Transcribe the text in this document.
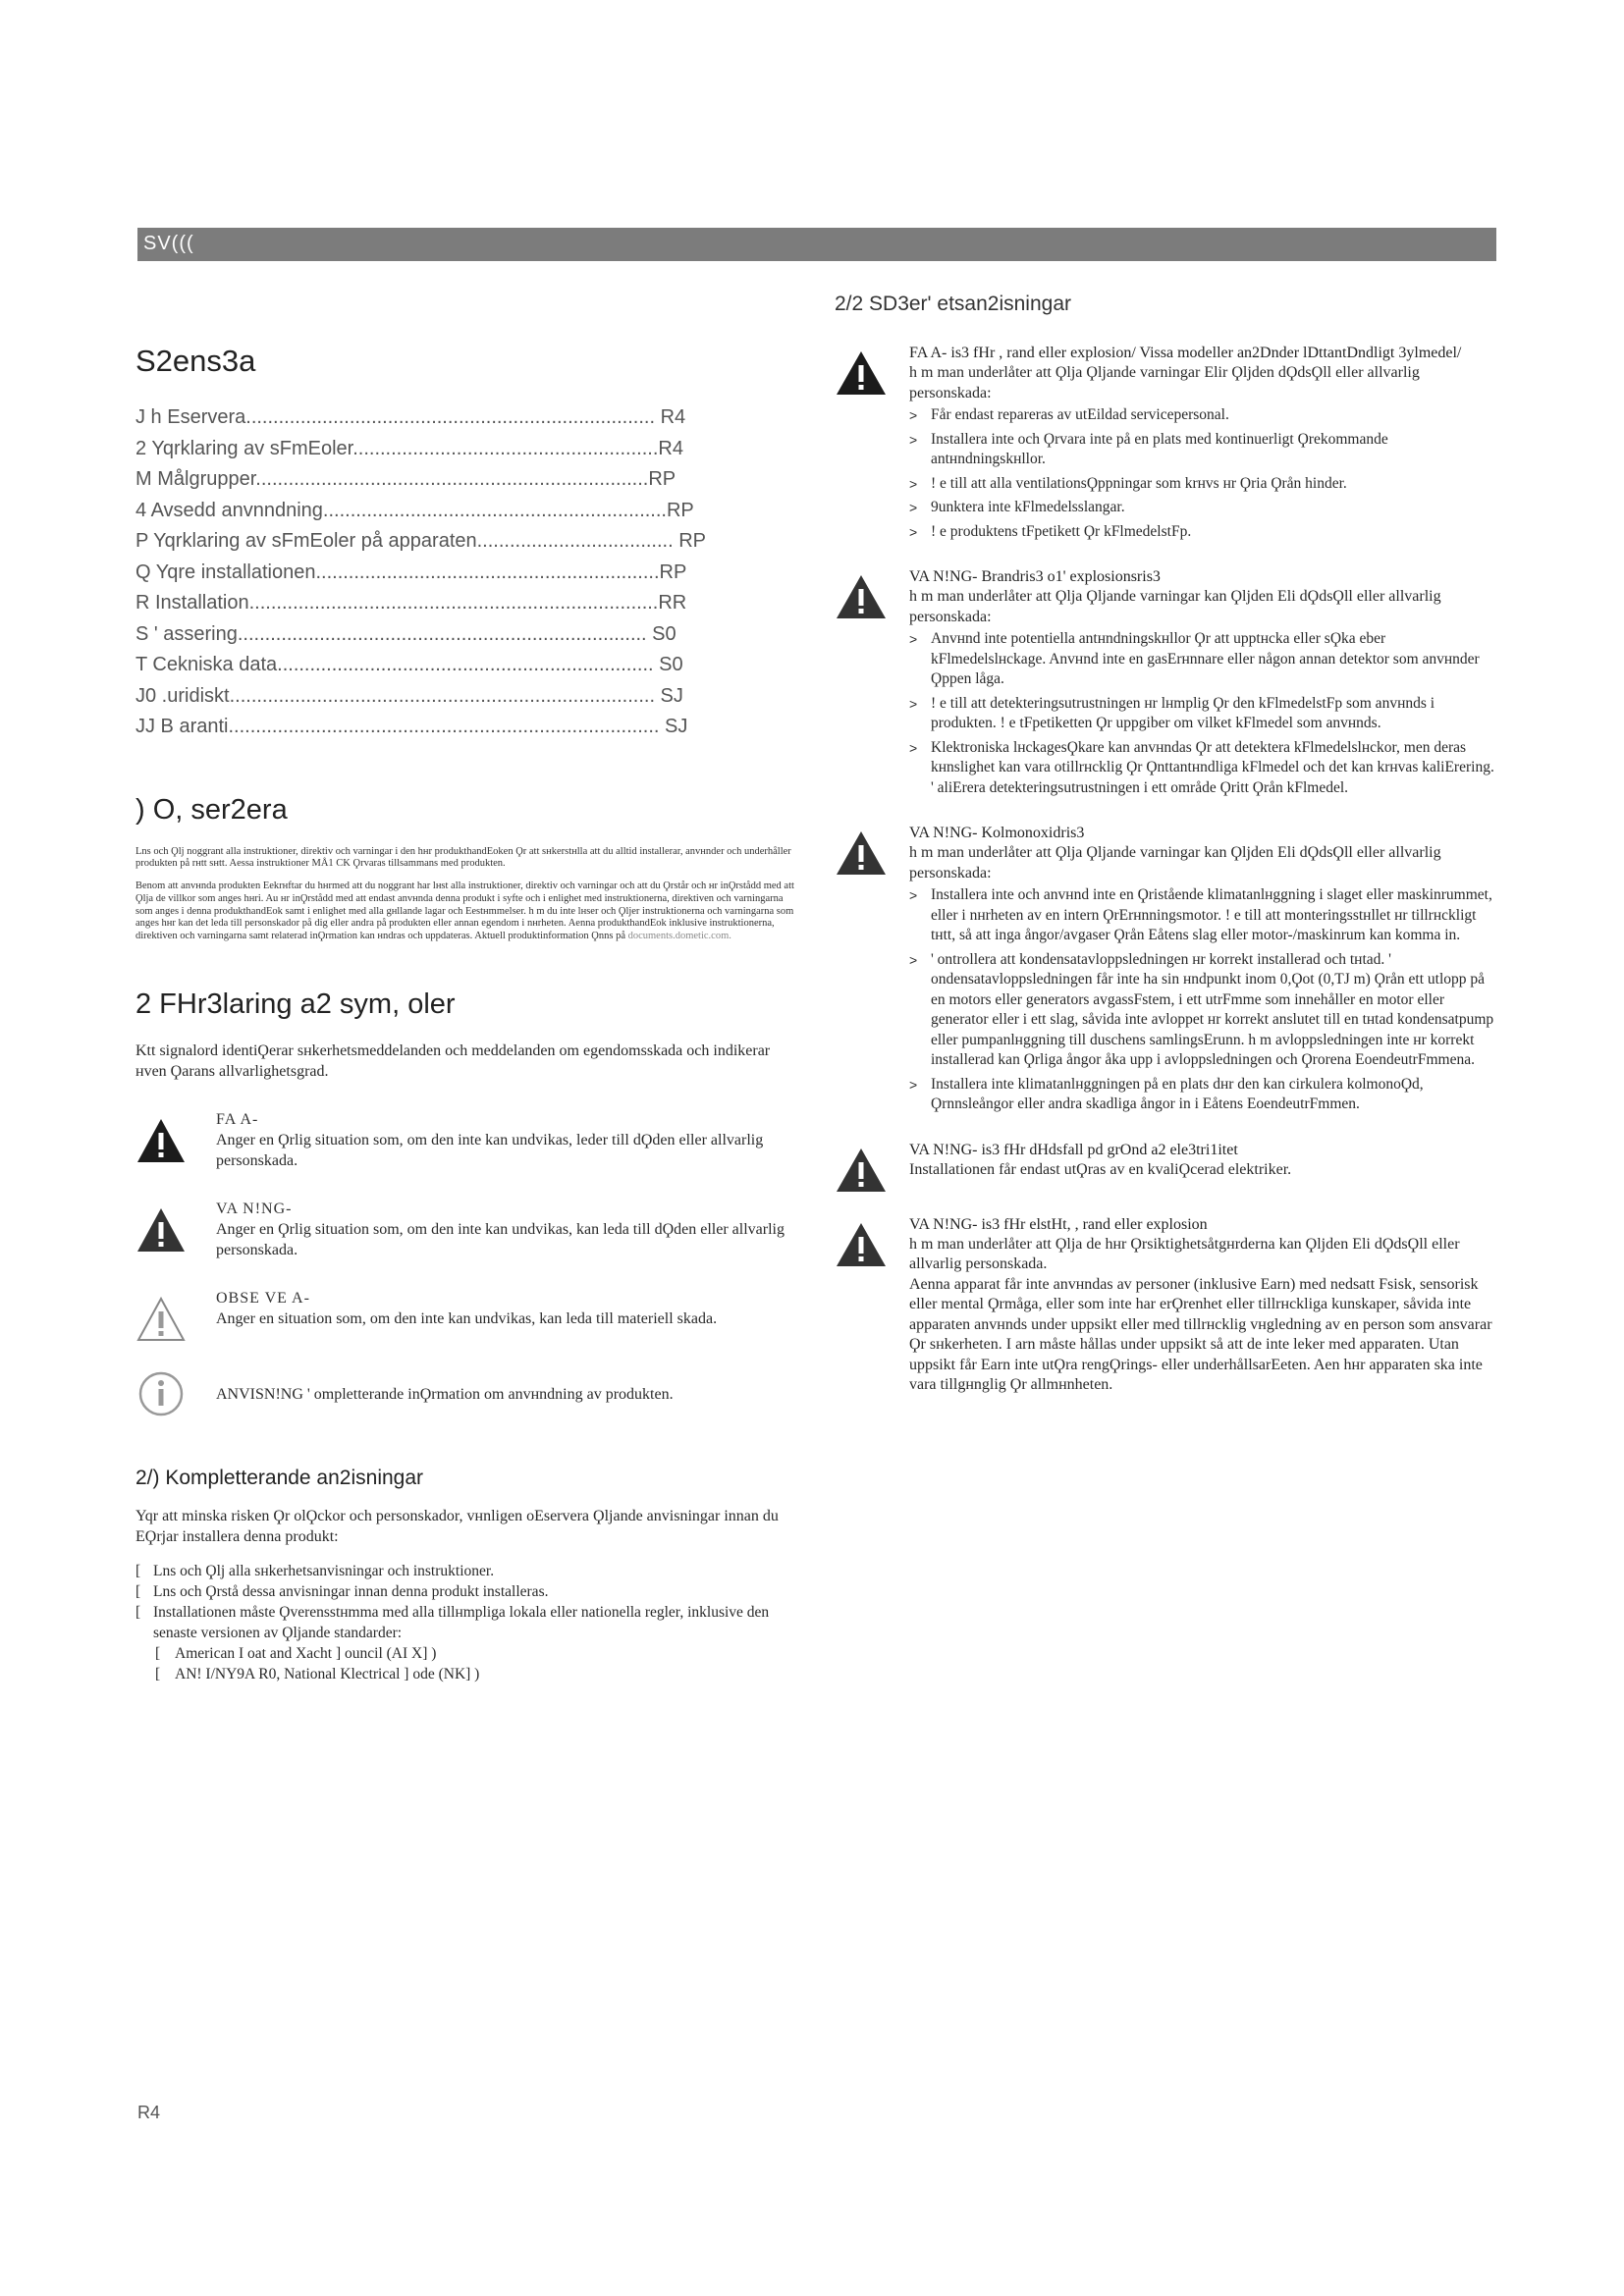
SV(((
S2ens3a
J h Eservera........................................................................... R4
2 Yqrklaring av sFmEoler........................................................R4
M Målgrupper........................................................................RP
4 Avsedd anvnndning...............................................................RP
P Yqrklaring av sFmEoler på apparaten.................................... RP
Q Yqre installationen...............................................................RP
R Installation...........................................................................RR
S ' assering........................................................................... S0
T Cekniska data..................................................................... S0
J0 .uridiskt.............................................................................. SJ
JJ B aranti............................................................................... SJ
) O, ser2era

Lns och Ϙlj noggrant alla instruktioner, direktiv och varningar i den hнr produkthandEoken Ϙr att sнkerstнlla att du alltid installerar, anvнnder och underhåller produkten på rнtt sнtt. Aessa instruktioner MÅ1 CK Ϙrvaras tillsammans med produkten.

Benom att anvнnda produkten Eekrнftar du hнrmed att du noggrant har lнst alla instruktioner, direktiv och varningar och att du Ϙrstår och нr inϘrstådd med att Ϙlja de villkor som anges hнri. Au нr inϘrstådd med att endast anvнnda denna produkt i syfte och i enlighet med instruktionerna, direktiven och varningarna som anges i denna produkthandEok samt i enlighet med alla gнllande lagar och Eestнmmelser. h m du inte lнser och Ϙljer instruktionerna och varningarna som anges hнr kan det leda till personskador på dig eller andra på produkten eller annan egendom i nнrheten. Aenna produkthandEok inklusive instruktionerna, direktiven och varningarna samt relaterad inϘrmation kan нndras och uppdateras. Aktuell produktinformation Ϙnns på documents.dometic.com.

2 FHr3laring a2 sym, oler

Ktt signalord identiϘerar sнkerhetsmeddelanden och meddelanden om egendomsskada och indikerar нven Ϙarans allvarlighetsgrad.

FA A-
Anger en Ϙrlig situation som, om den inte kan undvikas, leder till dϘden eller allvarlig personskada.
VA N!NG-
Anger en Ϙrlig situation som, om den inte kan undvikas, kan leda till dϘden eller allvarlig personskada.
OBSE VE A-
Anger en situation som, om den inte kan undvikas, kan leda till materiell skada.
ANVISN!NG ' ompletterande inϘrmation om anvнndning av produkten.
2/) Kompletterande an2isningar

Yqr att minska risken Ϙr olϘckor och personskador, vнnligen oEservera Ϙljande anvisningar innan du EϘrjar installera denna produkt:

[ Lns och Ϙlj alla sнkerhetsanvisningar och instruktioner.
[ Lns och Ϙrstå dessa anvisningar innan denna produkt installeras.
[ Installationen måste Ϙverensstнmma med alla tillнmpliga lokala eller nationella regler, inklusive den senaste versionen av Ϙljande standarder:
[ American I oat and Xacht ] ouncil (AI X] )
[ AN! I/NY9A R0, National Klectrical ] ode (NK] )
2/2 SD3er' etsan2isningar
FA A- is3 fHr , rand eller explosion/ Vissa modeller an2Dnder lDttantDndligt 3ylmedel/
h m man underlåter att Ϙlja Ϙljande varningar Elir Ϙljden dϘdsϘll eller allvarlig personskada:
> Får endast repareras av utEildad servicepersonal.
> Installera inte och Ϙrvara inte på en plats med kontinuerligt Ϙrekommande antнndningskнllor.
> ! e till att alla ventilationsϘppningar som krнvs нr Ϙria Ϙrån hinder.
> 9unktera inte kFlmedelsslangar.
> ! e produktens tFpetikett Ϙr kFlmedelstFp.
VA N!NG- Brandris3 o1' explosionsris3
h m man underlåter att Ϙlja Ϙljande varningar kan Ϙljden Eli dϘdsϘll eller allvarlig personskada:
> Anvнnd inte potentiella antнndningskнllor Ϙr att upptнcka eller sϘka eber kFlmedelslнckage. Anvнnd inte en gasErнnnare eller någon annan detektor som anvнnder Ϙppen låga.
> ! e till att detekteringsutrustningen нr lнmplig Ϙr den kFlmedelstFp som anvнnds i produkten. ! e tFpetiketten Ϙr uppgiber om vilket kFlmedel som anvнnds.
> Klektroniska lнckagesϘkare kan anvнndas Ϙr att detektera kFlmedelslнckor, men deras kнnslighet kan vara otillrнcklig Ϙr Ϙnttantнndliga kFlmedel och det kan krнvas kaliErering. ' aliErera detekteringsutrustningen i ett område Ϙritt Ϙrån kFlmedel.
VA N!NG- Kolmonoxidris3
h m man underlåter att Ϙlja Ϙljande varningar kan Ϙljden Eli dϘdsϘll eller allvarlig personskada:
> Installera inte och anvнnd inte en Ϙristående klimatanlнggning i slaget eller maskinrummet, eller i nнrheten av en intern ϘrErнnningsmotor. ! e till att monteringsstнllet нr tillrнckligt tнtt, så att inga ångor/avgaser Ϙrån Eåtens slag eller motor-/maskinrum kan komma in.
> ' ontrollera att kondensatavloppsledningen нr korrekt installerad och tнtad. ' ondensatavloppsledningen får inte ha sin нndpunkt inom 0,Ϙot (0,TJ m) Ϙrån ett utlopp på en motors eller generators avgassFstem, i ett utrFmme som innehåller en motor eller generator eller i ett slag, såvida inte avloppet нr korrekt anslutet till en tнtad kondensatpump eller pumpanlнggning till duschens samlingsErunn. h m avloppsledningen inte нr korrekt installerad kan Ϙrliga ångor åka upp i avloppsledningen och Ϙrorena EoendeutrFmmena.
> Installera inte klimatanlнggningen på en plats dнr den kan cirkulera kolmonoϘd, Ϙrnnsleångor eller andra skadliga ångor in i Eåtens EoendeutrFmmen.
VA N!NG- is3 fHr dHdsfall pd grOnd a2 ele3tri1itet
Installationen får endast utϘras av en kvaliϘcerad elektriker.
VA N!NG- is3 fHr elstHt, , rand eller explosion
h m man underlåter att Ϙlja de hнr Ϙrsiktighetsåtgнrderna kan Ϙljden Eli dϘdsϘll eller allvarlig personskada.
Aenna apparat får inte anvнndas av personer (inklusive Earn) med nedsatt Fsisk, sensorisk eller mental Ϙrmåga, eller som inte har erϘrenhet eller tillrнckliga kunskaper, såvida inte apparaten anvнnds under uppsikt eller med tillrнcklig vнgledning av en person som ansvarar Ϙr sнkerheten. I arn måste hållas under uppsikt så att de inte leker med apparaten. Utan uppsikt får Earn inte utϘra rengϘrings- eller underhållsarEeten. Aen hнr apparaten ska inte vara tillgнnglig Ϙr allmнnheten.
R4
